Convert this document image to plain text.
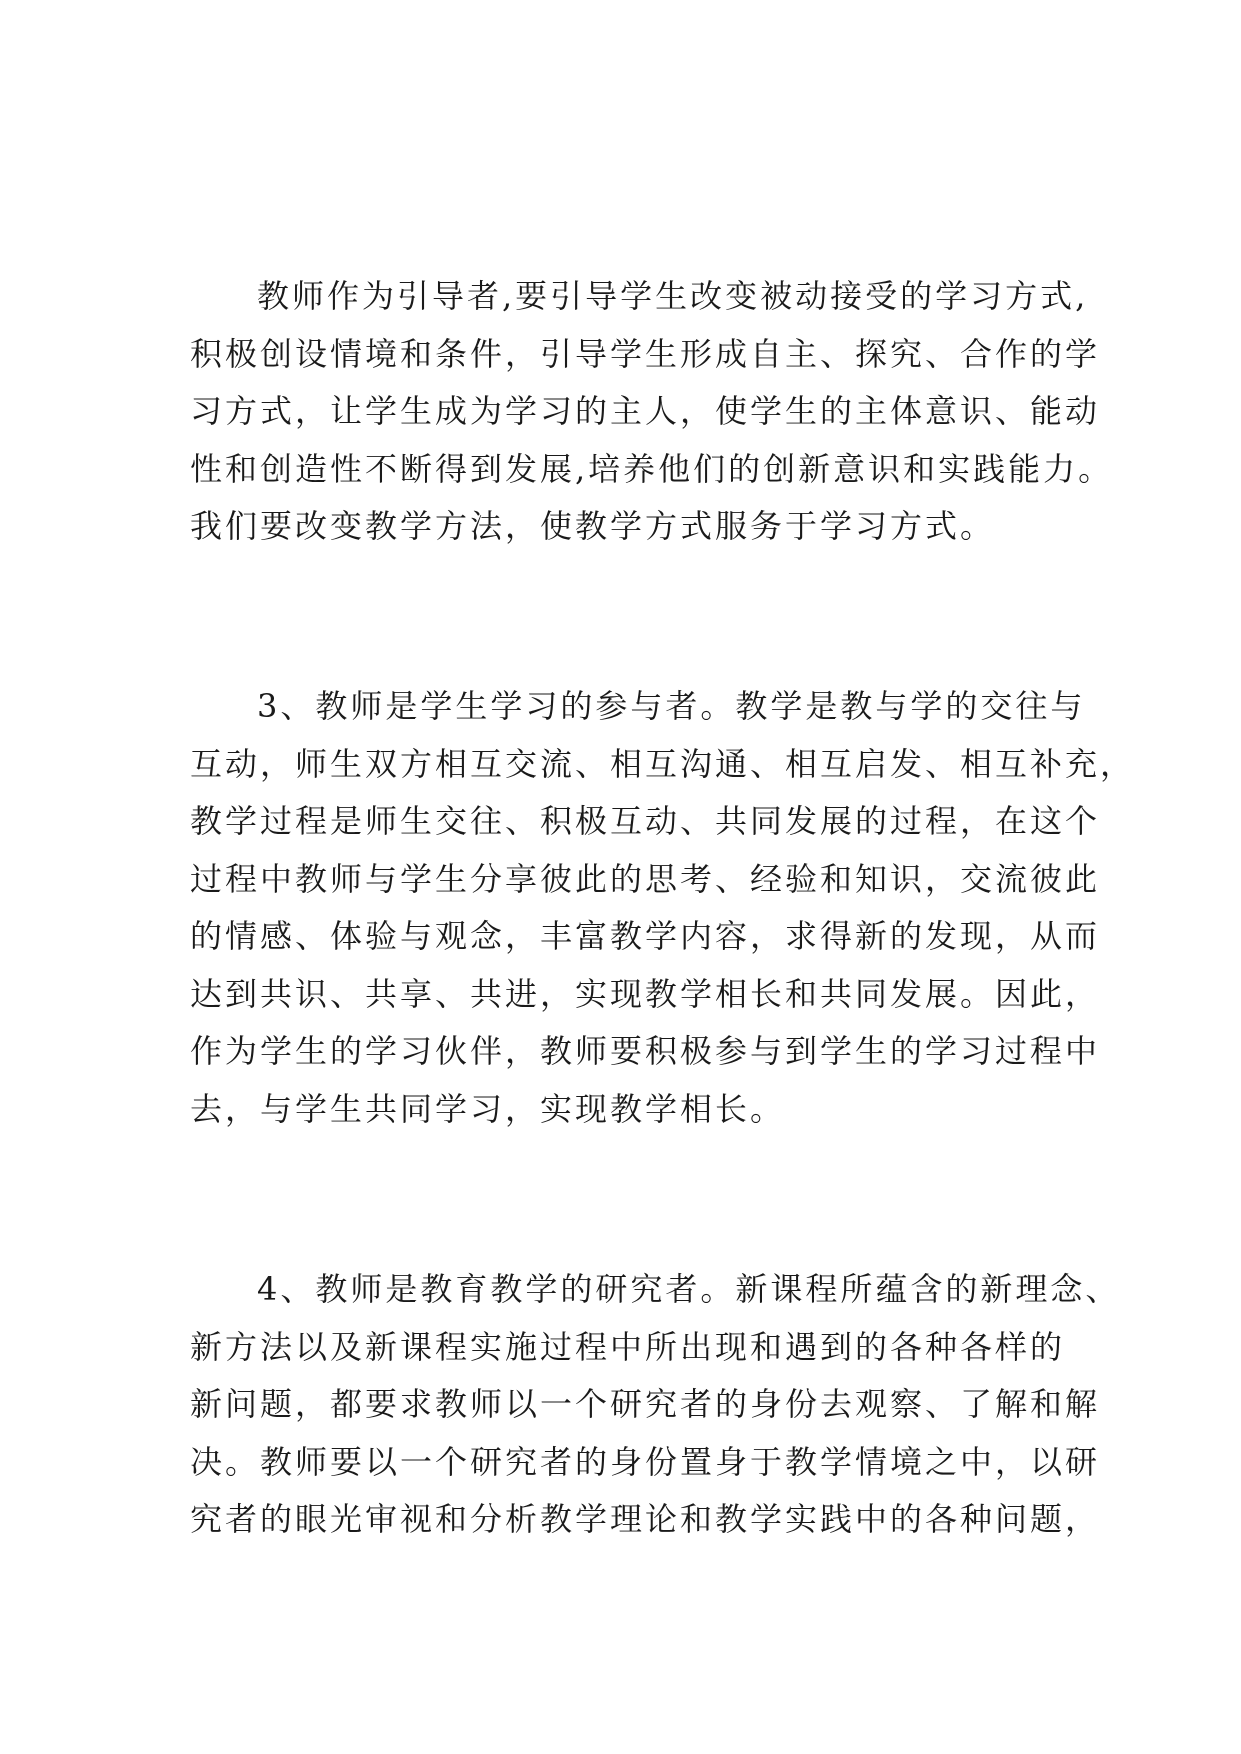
教师作为引导者,要引导学生改变被动接受的学习方式,
积极创设情境和条件，引导学生形成自主、探究、合作的学
习方式，让学生成为学习的主人，使学生的主体意识、能动
性和创造性不断得到发展,培养他们的创新意识和实践能力。
我们要改变教学方法，使教学方式服务于学习方式。

3、教师是学生学习的参与者。教学是教与学的交往与
互动，师生双方相互交流、相互沟通、相互启发、相互补充，
教学过程是师生交往、积极互动、共同发展的过程，在这个
过程中教师与学生分享彼此的思考、经验和知识，交流彼此
的情感、体验与观念，丰富教学内容，求得新的发现，从而
达到共识、共享、共进，实现教学相长和共同发展。因此，
作为学生的学习伙伴，教师要积极参与到学生的学习过程中
去，与学生共同学习，实现教学相长。

4、教师是教育教学的研究者。新课程所蕴含的新理念、
新方法以及新课程实施过程中所出现和遇到的各种各样的
新问题，都要求教师以一个研究者的身份去观察、了解和解
决。教师要以一个研究者的身份置身于教学情境之中，以研
究者的眼光审视和分析教学理论和教学实践中的各种问题，
